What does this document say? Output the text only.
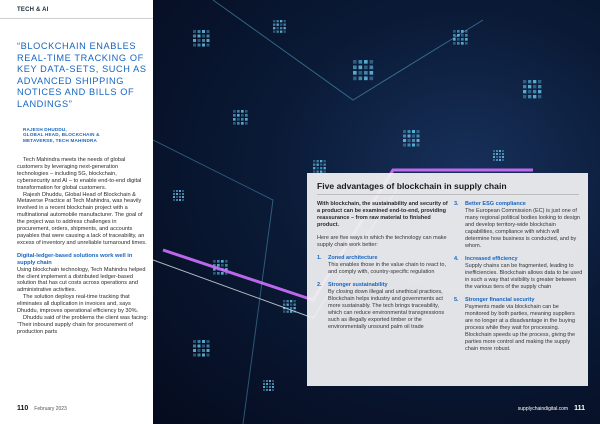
TECH & AI
“BLOCKCHAIN ENABLES REAL-TIME TRACKING OF KEY DATA-SETS, SUCH AS ADVANCED SHIPPING NOTICES AND BILLS OF LANDINGS”
RAJESH DHUDDU,
GLOBAL HEAD, BLOCKCHAIN &
METAVERSE, TECH MAHINDRA

Tech Mahindra meets the needs of global customers by leveraging next-generation technologies – including 5G, blockchain, cybersecurity and AI – to enable end-to-end digital transformation for global customers.

Rajesh Dhuddu, Global Head of Blockchain & Metaverse Practice at Tech Mahindra, was heavily involved in a recent blockchain project with a multinational automobile manufacturer. The goal of the project was to address challenges in procurement, orders, shipments, and accounts payables that were causing a lack of traceability, an excess of inventory and unreliable turnaround times.

Digital-ledger-based solutions work well in supply chain

Using blockchain technology, Tech Mahindra helped the client implement a distributed ledger-based solution that has cut costs across operations and administrative activities.

The solution deploys real-time tracking that eliminates all duplication in invoices and, says Dhuddu, improves operational efficiency by 30%.

Dhuddu said of the problems the client was facing: “Their inbound supply chain for procurement of production parts

110 February 2023
Five advantages of blockchain in supply chain
With blockchain, the sustainability and security of a product can be examined end-to-end, providing reassurance – from raw material to finished product.
Here are five ways in which the technology can make supply chain work better:
1. Zoned architecture
This enables those in the value chain to react to, and comply with, country-specific regulation
2. Stronger sustainability
By closing down illegal and unethical practices, Blockchain helps industry and governments act more sustainably. The tech brings traceability, which can reduce environmental transgressions such as illegally exported timber or the environmentally unsound palm oil trade
3. Better ESG compliance
The European Commission (EC) is just one of many regional political bodies looking to design and develop territory-wide blockchain capabilities, compliance with which will determine how business is conducted, and by whom.
4. Increased efficiency
Supply chains can be fragmented, leading to inefficiencies. Blockchain allows data to be used in such a way that visibility is greater between the various tiers of the supply chain
5. Stronger financial security
Payments made via blockchain can be monitored by both parties, meaning suppliers are no longer at a disadvantage in the buying process while they wait for processing. Blockchain speeds up the process, giving the parties more control and making the supply chain more robust.
supplychaindigital.com 111
